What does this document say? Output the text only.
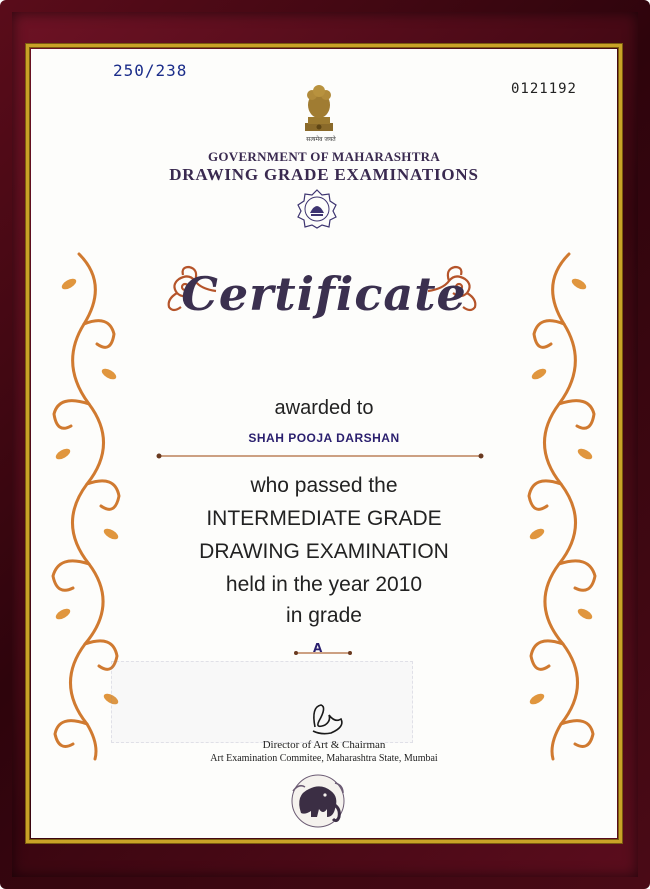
250/238
0121192
सत्यमेव जयते
GOVERNMENT OF MAHARASHTRA
DRAWING GRADE EXAMINATIONS
Certificate
awarded to
SHAH POOJA DARSHAN
who passed the
INTERMEDIATE GRADE
DRAWING EXAMINATION
held in the year 2010
in grade
A
Director of Art & Chairman
Art Examination Commitee, Maharashtra State, Mumbai
